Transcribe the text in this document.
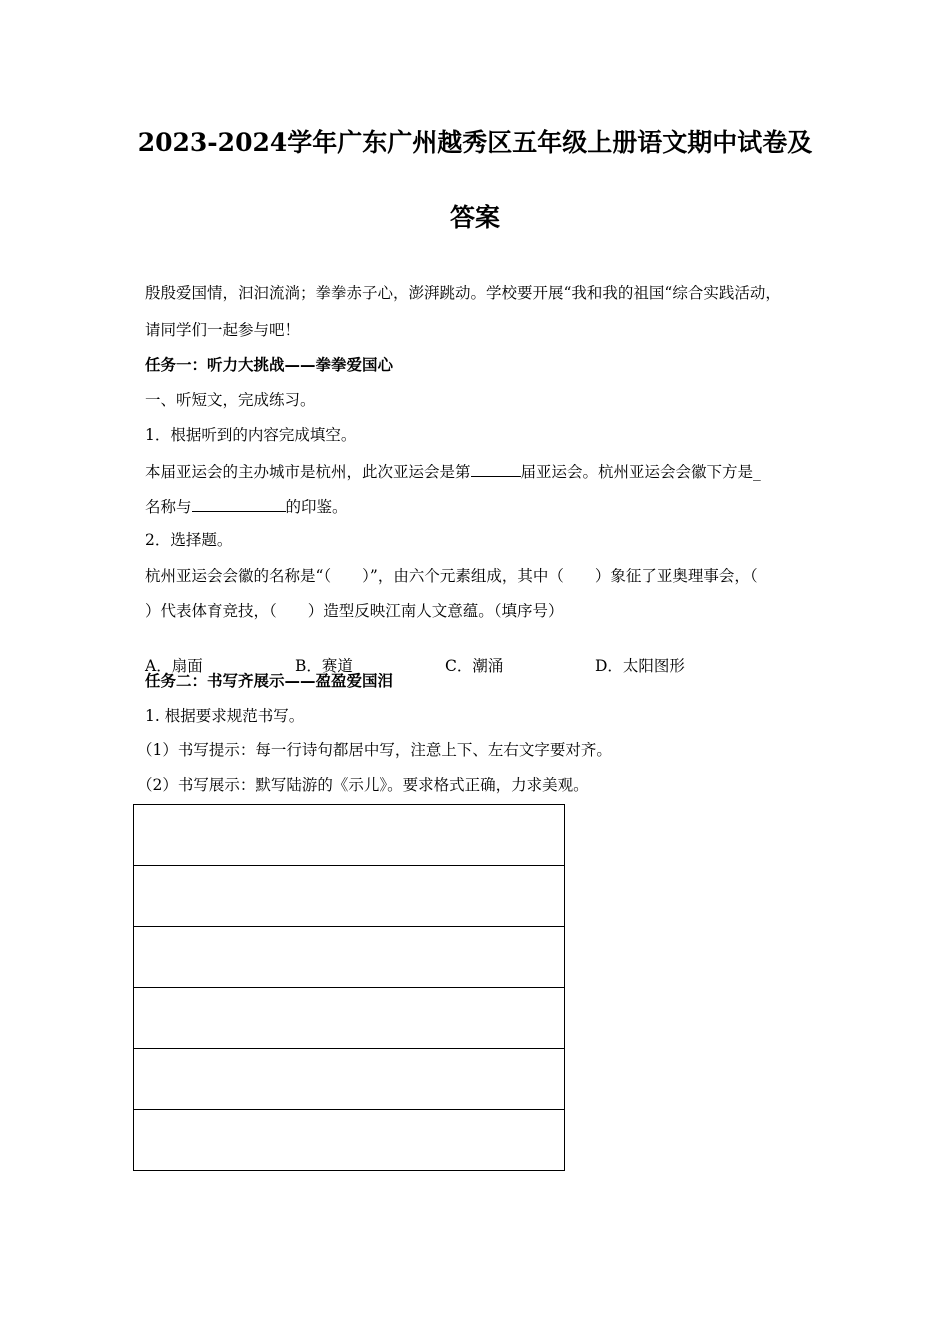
2023-2024学年广东广州越秀区五年级上册语文期中试卷及
答案
殷殷爱国情，汩汩流淌；拳拳赤子心，澎湃跳动。学校要开展“我和我的祖国“综合实践活动，
请同学们一起参与吧！
任务一：听力大挑战——拳拳爱国心
一、听短文，完成练习。
1．根据听到的内容完成填空。
本届亚运会的主办城市是杭州，此次亚运会是第	届亚运会。杭州亚运会会徽下方是_
名称与	的印鉴。
2．选择题。
杭州亚运会会徽的名称是“（　　）”，由六个元素组成，其中（　　）象征了亚奥理事会，（
）代表体育竞技，（　　）造型反映江南人文意蕴。（填序号）

A．扇面	B．赛道	C．潮涌	D．太阳图形

任务二：书写齐展示——盈盈爱国泪
1. 根据要求规范书写。
（1）书写提示：每一行诗句都居中写，注意上下、左右文字要对齐。
（2）书写展示：默写陆游的《示儿》。要求格式正确，力求美观。
